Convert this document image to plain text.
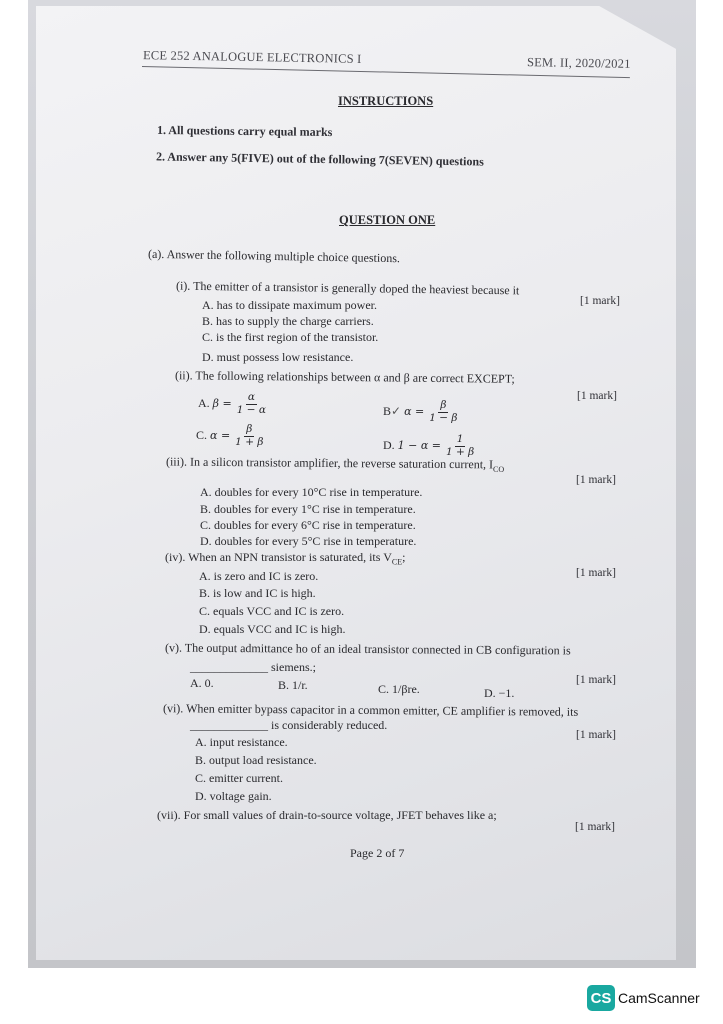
ECE 252 ANALOGUE ELECTRONICS I	SEM. II, 2020/2021
INSTRUCTIONS
1. All questions carry equal marks
2. Answer any 5(FIVE) out of the following 7(SEVEN) questions
QUESTION ONE
(a). Answer the following multiple choice questions.
(i). The emitter of a transistor is generally doped the heaviest because it
[1 mark]
A. has to dissipate maximum power.
B. has to supply the charge carriers.
C. is the first region of the transistor.
D. must possess low resistance.
(ii). The following relationships between α and β are correct EXCEPT;
[1 mark]
A. $\beta = \frac{\alpha}{1 - \alpha}$	B✓ $\alpha = \frac{\beta}{1 - \beta}$
C. $\alpha = \frac{\beta}{1 + \beta}$	D. $1 - \alpha = \frac{1}{1 + \beta}$
(iii). In a silicon transistor amplifier, the reverse saturation current, $I_{CO}$
[1 mark]
A. doubles for every 10°C rise in temperature.
B. doubles for every 1°C rise in temperature.
C. doubles for every 6°C rise in temperature.
D. doubles for every 5°C rise in temperature.
(iv). When an NPN transistor is saturated, its $V_{CE}$;
[1 mark]
A. is zero and IC is zero.
B. is low and IC is high.
C. equals VCC and IC is zero.
D. equals VCC and IC is high.
(v). The output admittance ho of an ideal transistor connected in CB configuration is
_____________ siemens.;
[1 mark]
A. 0.	B. 1/r.	C. 1/βre.	D. −1.
(vi). When emitter bypass capacitor in a common emitter, CE amplifier is removed, its
_____________ is considerably reduced.
[1 mark]
A. input resistance.
B. output load resistance.
C. emitter current.
D. voltage gain.
(vii). For small values of drain-to-source voltage, JFET behaves like a;
[1 mark]
Page 2 of 7
CS CamScanner
